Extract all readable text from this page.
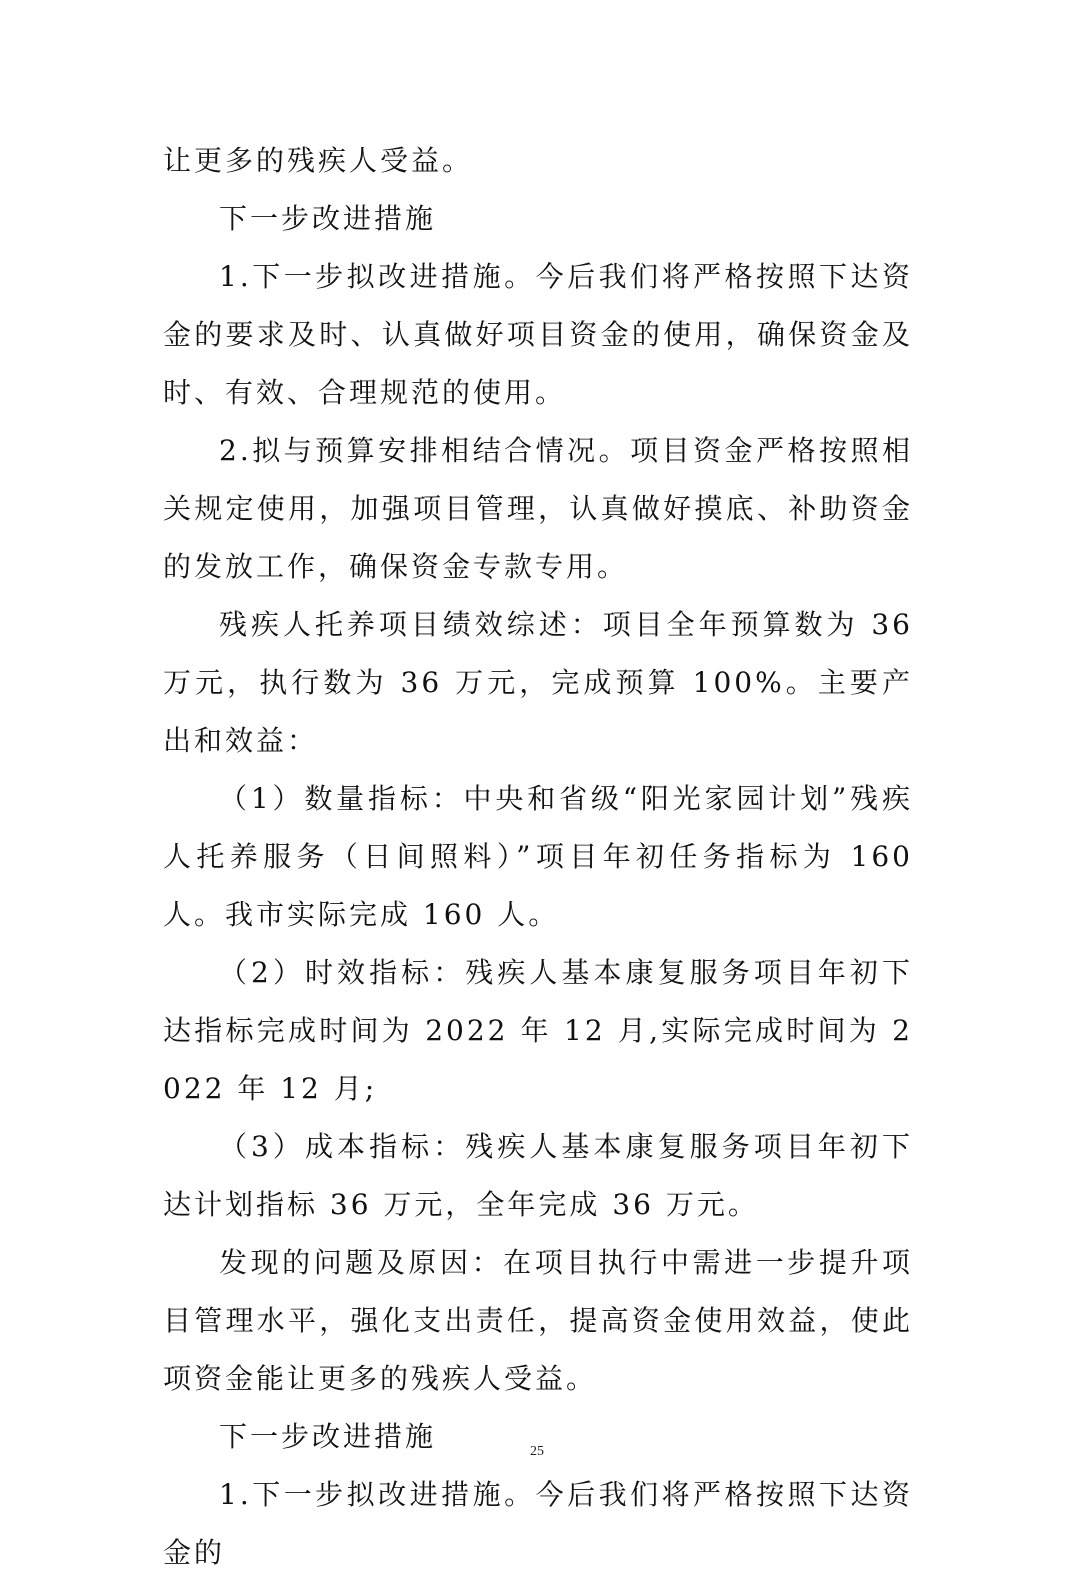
让更多的残疾人受益。

下一步改进措施

1.下一步拟改进措施。今后我们将严格按照下达资金的要求及时、认真做好项目资金的使用，确保资金及时、有效、合理规范的使用。

2.拟与预算安排相结合情况。项目资金严格按照相关规定使用，加强项目管理，认真做好摸底、补助资金的发放工作，确保资金专款专用。

残疾人托养项目绩效综述：项目全年预算数为 36 万元，执行数为 36 万元，完成预算 100%。主要产出和效益：

（1）数量指标：中央和省级“阳光家园计划”残疾人托养服务（日间照料）”项目年初任务指标为 160 人。我市实际完成 160 人。

（2）时效指标：残疾人基本康复服务项目年初下达指标完成时间为 2022 年 12 月,实际完成时间为 2022 年 12 月;

（3）成本指标：残疾人基本康复服务项目年初下达计划指标 36 万元，全年完成 36 万元。

发现的问题及原因：在项目执行中需进一步提升项目管理水平，强化支出责任，提高资金使用效益，使此项资金能让更多的残疾人受益。

下一步改进措施

1.下一步拟改进措施。今后我们将严格按照下达资金的

25
